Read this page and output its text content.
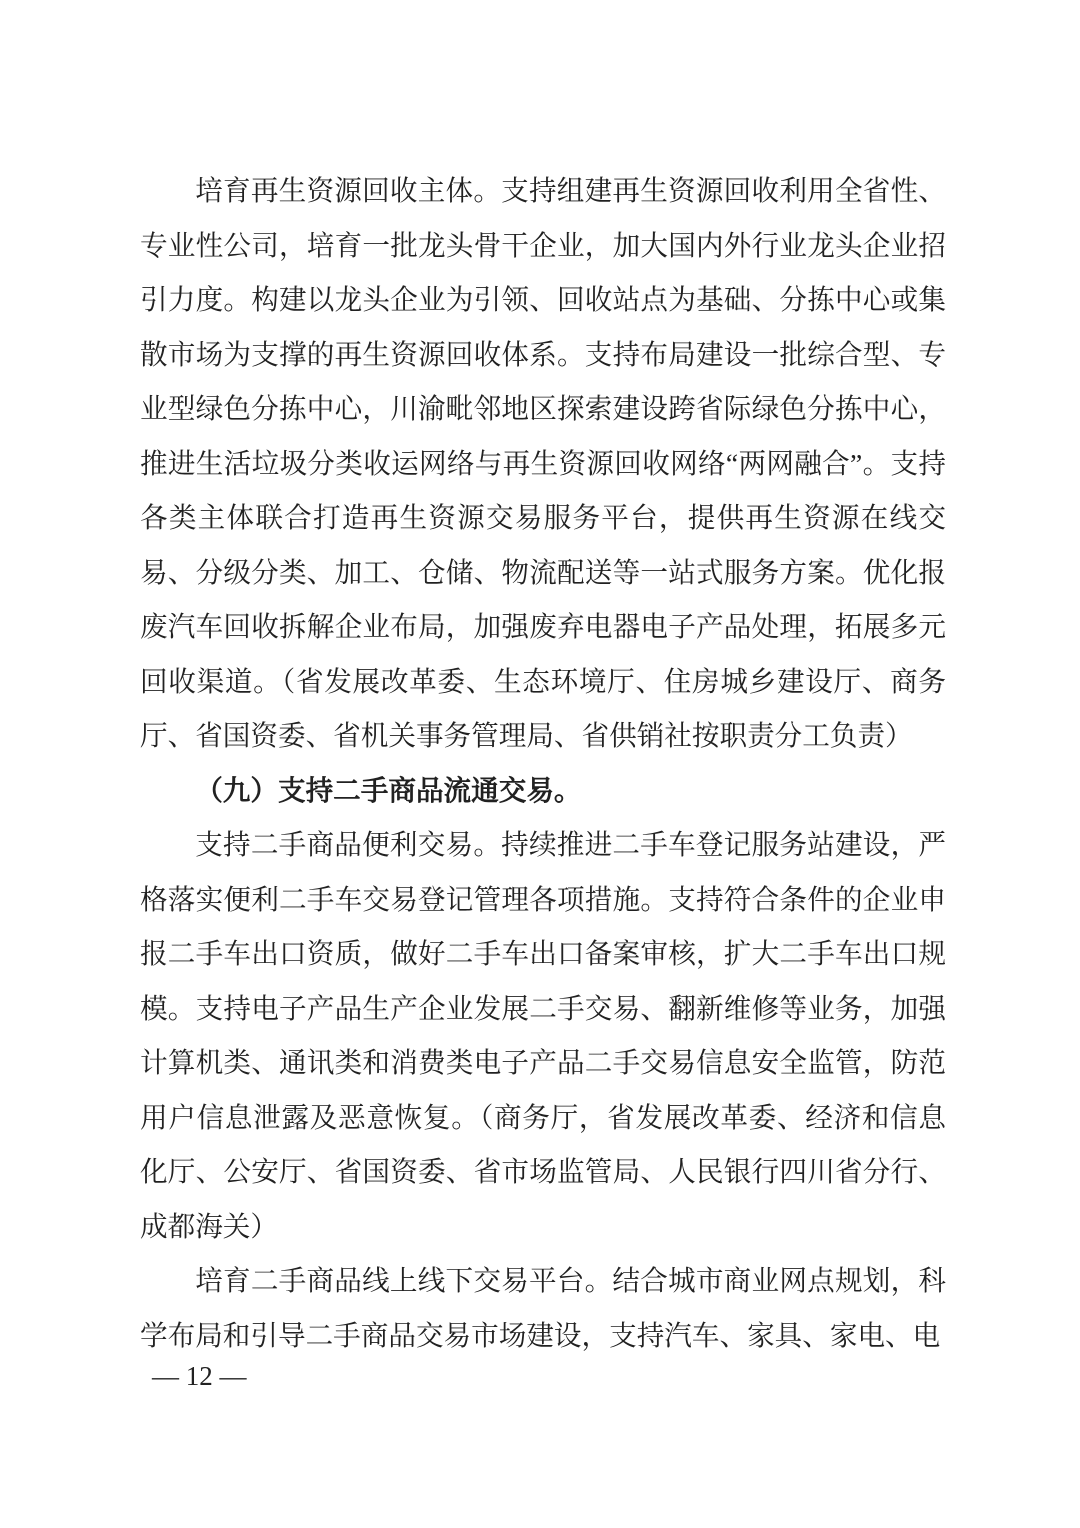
培育再生资源回收主体。支持组建再生资源回收利用全省性、专业性公司，培育一批龙头骨干企业，加大国内外行业龙头企业招引力度。构建以龙头企业为引领、回收站点为基础、分拣中心或集散市场为支撑的再生资源回收体系。支持布局建设一批综合型、专业型绿色分拣中心，川渝毗邻地区探索建设跨省际绿色分拣中心，推进生活垃圾分类收运网络与再生资源回收网络“两网融合”。支持各类主体联合打造再生资源交易服务平台，提供再生资源在线交易、分级分类、加工、仓储、物流配送等一站式服务方案。优化报废汽车回收拆解企业布局，加强废弃电器电子产品处理，拓展多元回收渠道。（省发展改革委、生态环境厅、住房城乡建设厅、商务厅、省国资委、省机关事务管理局、省供销社按职责分工负责）

（九）支持二手商品流通交易。

支持二手商品便利交易。持续推进二手车登记服务站建设，严格落实便利二手车交易登记管理各项措施。支持符合条件的企业申报二手车出口资质，做好二手车出口备案审核，扩大二手车出口规模。支持电子产品生产企业发展二手交易、翻新维修等业务，加强计算机类、通讯类和消费类电子产品二手交易信息安全监管，防范用户信息泄露及恶意恢复。（商务厅，省发展改革委、经济和信息化厅、公安厅、省国资委、省市场监管局、人民银行四川省分行、成都海关）

培育二手商品线上线下交易平台。结合城市商业网点规划，科学布局和引导二手商品交易市场建设，支持汽车、家具、家电、电

— 12 —
